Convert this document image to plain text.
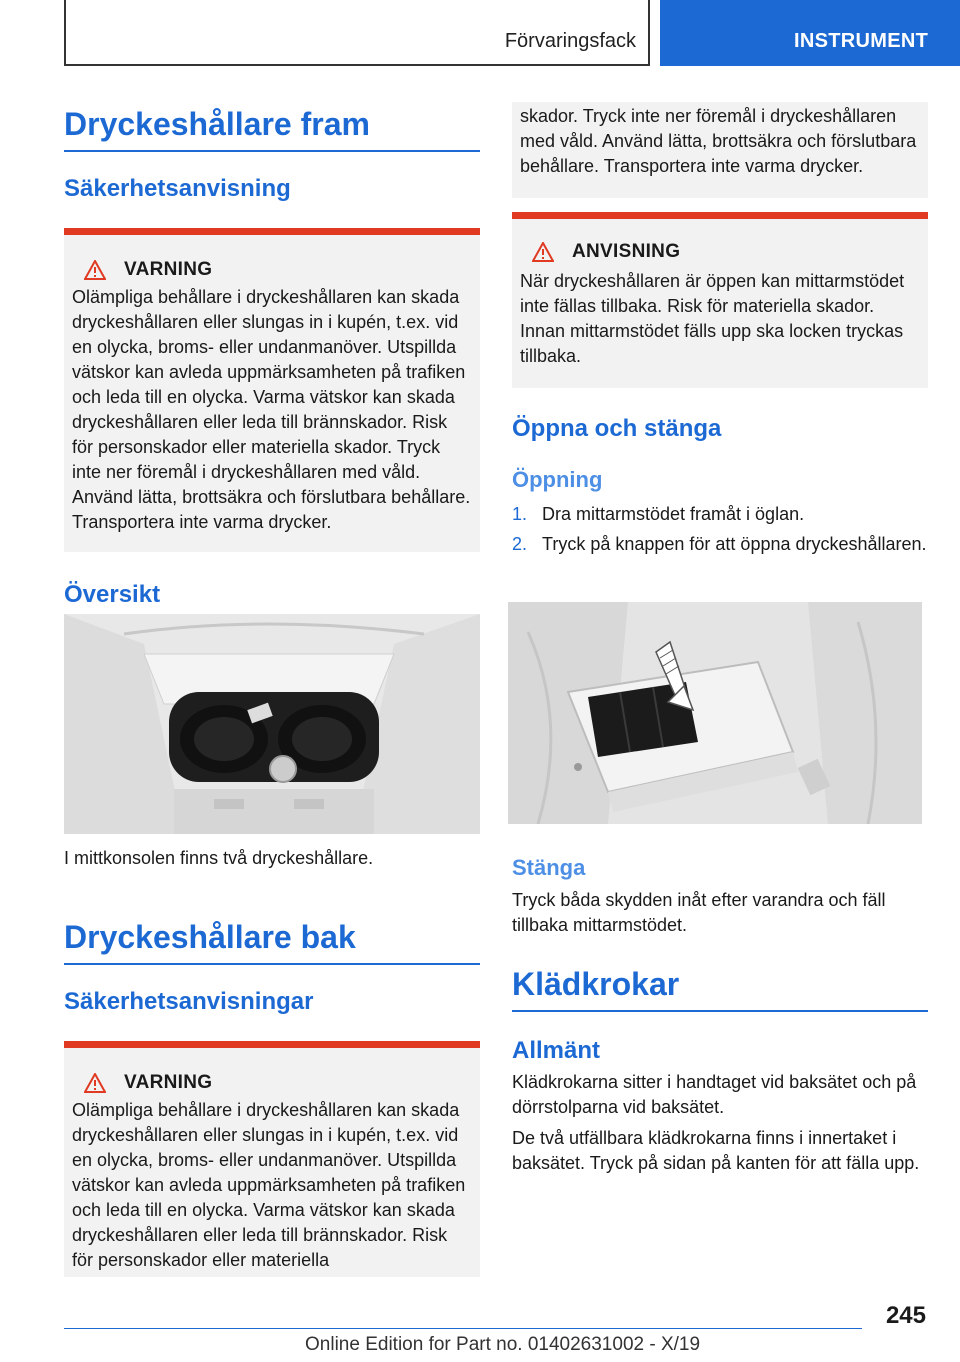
Förvaringsfack	INSTRUMENT
Dryckeshållare fram
Säkerhetsanvisning
VARNING
Olämpliga behållare i dryckeshållaren kan skada dryckeshållaren eller slungas in i kupén, t.ex. vid en olycka, broms- eller undanmanöver. Utspillda vätskor kan avleda uppmärksamheten på trafiken och leda till en olycka. Varma vätskor kan skada dryckeshållaren eller leda till brännskador. Risk för personskador eller materiella skador. Tryck inte ner föremål i dryckeshållaren med våld. Använd lätta, brottsäkra och förslutbara behållare. Transportera inte varma drycker.
Översikt
I mittkonsolen finns två dryckeshållare.
Dryckeshållare bak
Säkerhetsanvisningar
VARNING
Olämpliga behållare i dryckeshållaren kan skada dryckeshållaren eller slungas in i kupén, t.ex. vid en olycka, broms- eller undanmanöver. Utspillda vätskor kan avleda uppmärksamheten på trafiken och leda till en olycka. Varma vätskor kan skada dryckeshållaren eller leda till brännskador. Risk för personskador eller materiella
skador. Tryck inte ner föremål i dryckeshållaren med våld. Använd lätta, brottsäkra och förslutbara behållare. Transportera inte varma drycker.
ANVISNING
När dryckeshållaren är öppen kan mittarmstödet inte fällas tillbaka. Risk för materiella skador. Innan mittarmstödet fälls upp ska locken tryckas tillbaka.
Öppna och stänga
Öppning
1. Dra mittarmstödet framåt i öglan.
2. Tryck på knappen för att öppna dryckeshållaren.
Stänga
Tryck båda skydden inåt efter varandra och fäll tillbaka mittarmstödet.
Klädkrokar
Allmänt
Klädkrokarna sitter i handtaget vid baksätet och på dörrstolparna vid baksätet.
De två utfällbara klädkrokarna finns i innertaket i baksätet. Tryck på sidan på kanten för att fälla upp.
245
Online Edition for Part no. 01402631002 - X/19
